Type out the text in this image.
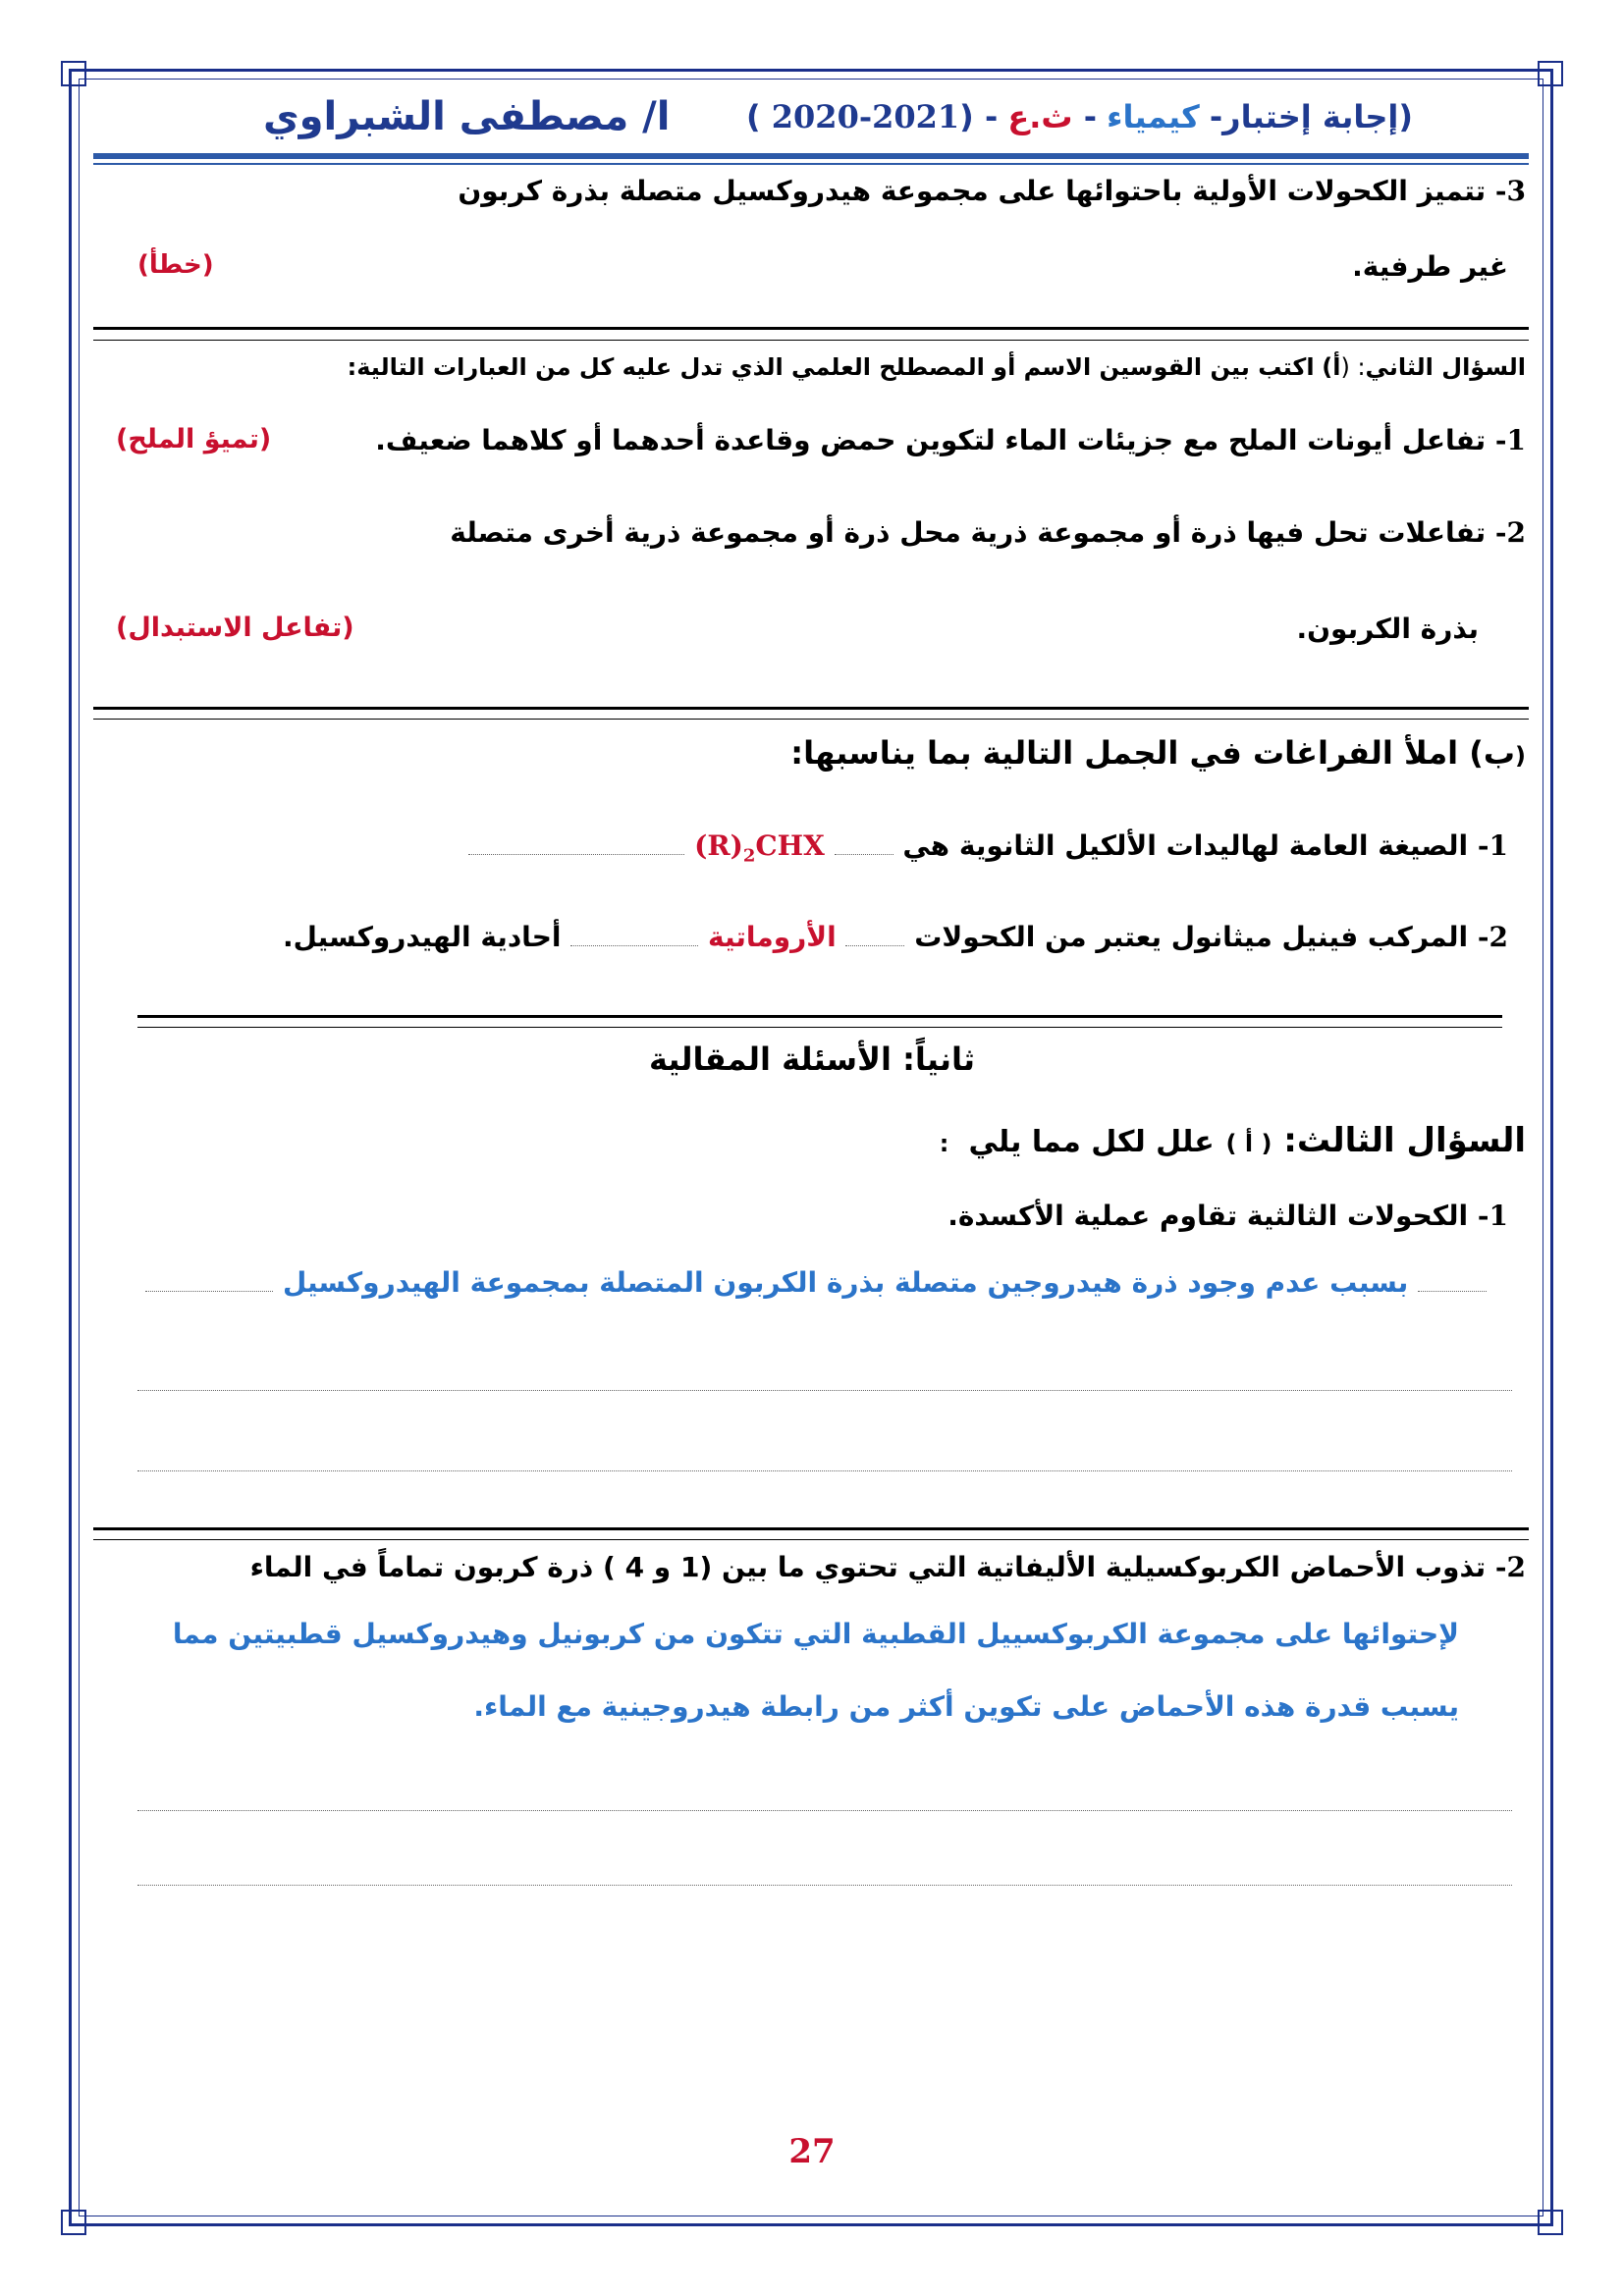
(إجابة إختبار- كيمياء - ث.ع - (2020-2021 )
ا/ مصطفى الشبراوي
3- تتميز الكحولات الأولية باحتوائها على مجموعة هيدروكسيل متصلة بذرة كربون
غير طرفية.
(خطأ)
السؤال الثاني: (أ) اكتب بين القوسين الاسم أو المصطلح العلمي الذي تدل عليه كل من العبارات التالية:
1- تفاعل أيونات الملح مع جزيئات الماء لتكوين حمض وقاعدة أحدهما أو كلاهما ضعيف.
(تميؤ الملح)
2- تفاعلات تحل فيها ذرة أو مجموعة ذرية محل ذرة أو مجموعة ذرية أخرى متصلة
بذرة الكربون.
(تفاعل الاستبدال)
(ب) املأ الفراغات في الجمل التالية بما يناسبها:
1- الصيغة العامة لهاليدات الألكيل الثانوية هي  $(R)_2CHX$
2- المركب فينيل ميثانول يعتبر من الكحولات  الأروماتية  أحادية الهيدروكسيل.
ثانياً: الأسئلة المقالية
السؤال الثالث: ( أ ) علل لكل مما يلي  :
1- الكحولات الثالثية تقاوم عملية الأكسدة.
بسبب عدم وجود ذرة هيدروجين متصلة بذرة الكربون المتصلة بمجموعة الهيدروكسيل
2- تذوب الأحماض الكربوكسيلية الأليفاتية التي تحتوي ما بين (1 و 4 ) ذرة كربون تماماً في الماء
لإحتوائها على مجموعة الكربوكسييل القطبية التي تتكون من كربونيل وهيدروكسيل قطبيتين مما
يسبب قدرة هذه الأحماض على تكوين أكثر من رابطة هيدروجينية مع الماء.
27
